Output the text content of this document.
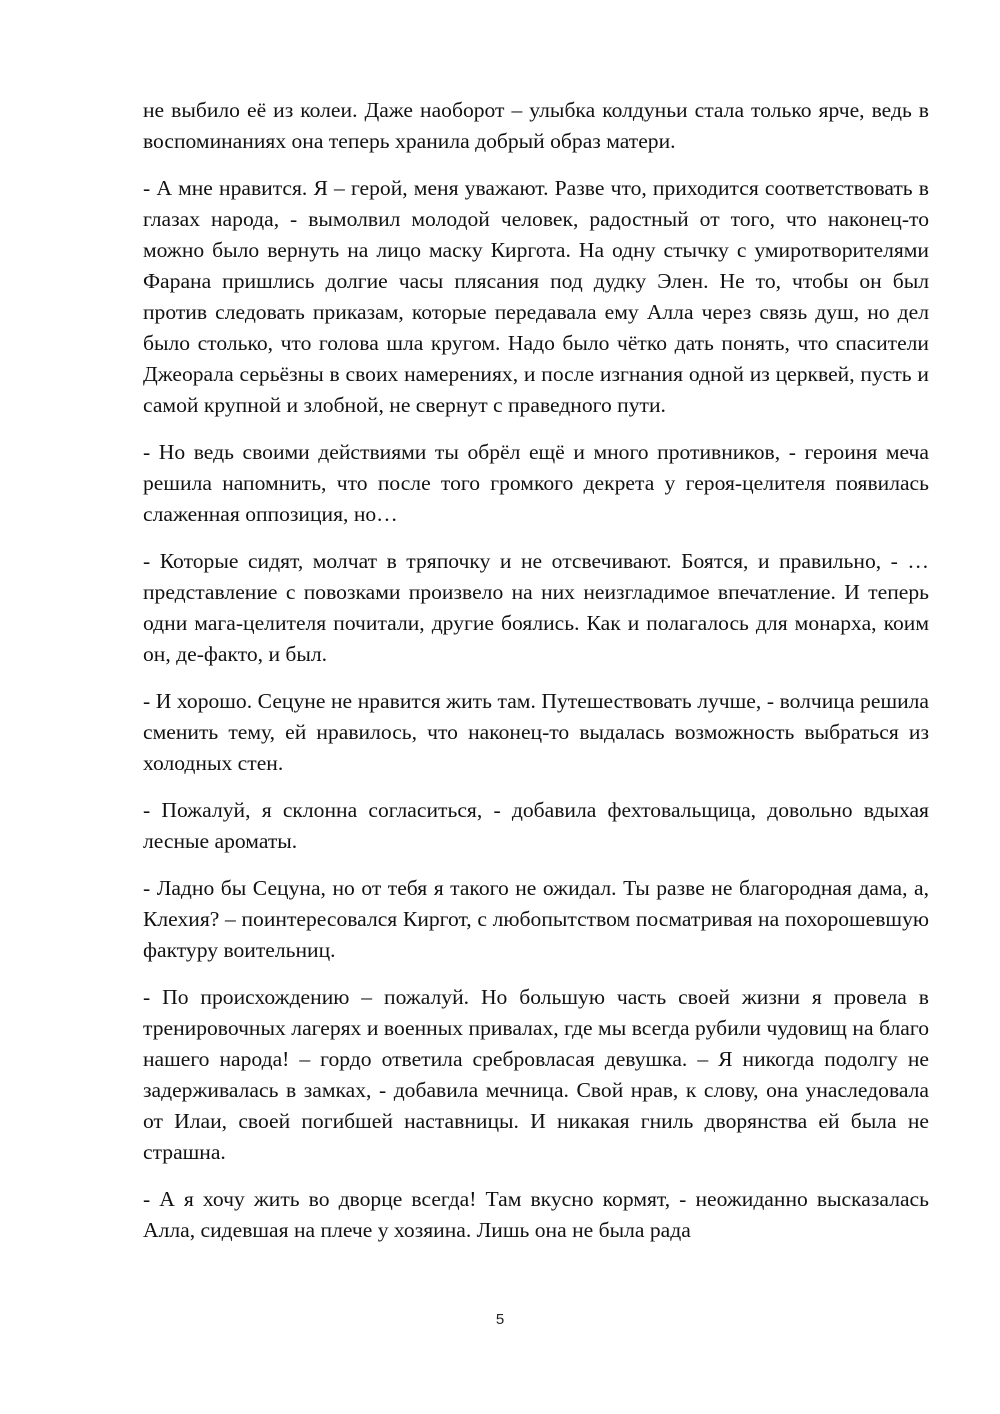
не выбило её из колеи. Даже наоборот – улыбка колдуньи стала только ярче, ведь в воспоминаниях она теперь хранила добрый образ матери.

- А мне нравится. Я – герой, меня уважают. Разве что, приходится соответствовать в глазах народа, - вымолвил молодой человек, радостный от того, что наконец-то можно было вернуть на лицо маску Киргота. На одну стычку с умиротворителями Фарана пришлись долгие часы плясания под дудку Элен. Не то, чтобы он был против следовать приказам, которые передавала ему Алла через связь душ, но дел было столько, что голова шла кругом. Надо было чётко дать понять, что спасители Джеорала серьёзны в своих намерениях, и после изгнания одной из церквей, пусть и самой крупной и злобной, не свернут с праведного пути.

- Но ведь своими действиями ты обрёл ещё и много противников, - героиня меча решила напомнить, что после того громкого декрета у героя-целителя появилась слаженная оппозиция, но…

- Которые сидят, молчат в тряпочку и не отсвечивают. Боятся, и правильно, - …представление с повозками произвело на них неизгладимое впечатление. И теперь одни мага-целителя почитали, другие боялись. Как и полагалось для монарха, коим он, де-факто, и был.

- И хорошо. Сецуне не нравится жить там. Путешествовать лучше, - волчица решила сменить тему, ей нравилось, что наконец-то выдалась возможность выбраться из холодных стен.

- Пожалуй, я склонна согласиться, - добавила фехтовальщица, довольно вдыхая лесные ароматы.

- Ладно бы Сецуна, но от тебя я такого не ожидал. Ты разве не благородная дама, а, Клехия? – поинтересовался Киргот, с любопытством посматривая на похорошевшую фактуру воительниц.

- По происхождению – пожалуй. Но большую часть своей жизни я провела в тренировочных лагерях и военных привалах, где мы всегда рубили чудовищ на благо нашего народа! – гордо ответила сребровласая девушка. – Я никогда подолгу не задерживалась в замках, - добавила мечница. Свой нрав, к слову, она унаследовала от Илаи, своей погибшей наставницы. И никакая гниль дворянства ей была не страшна.

- А я хочу жить во дворце всегда! Там вкусно кормят, - неожиданно высказалась Алла, сидевшая на плече у хозяина. Лишь она не была рада

5
